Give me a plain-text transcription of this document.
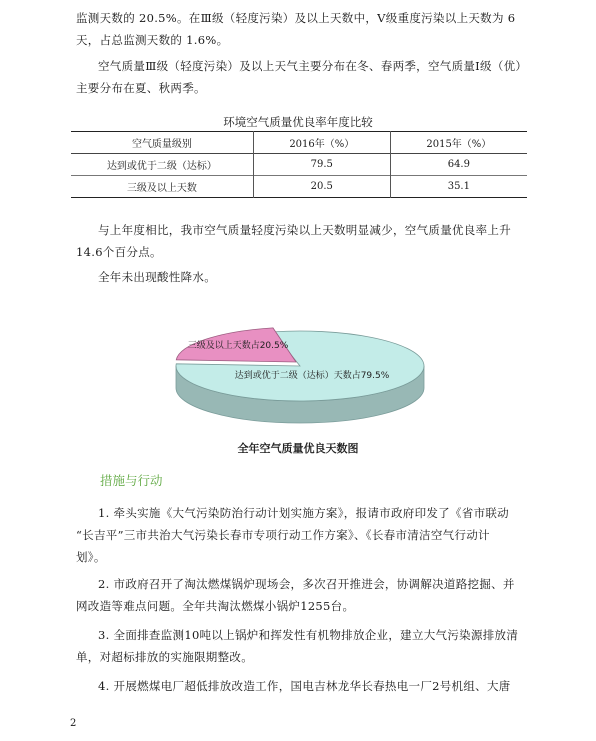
监测天数的 20.5%。在Ⅲ级（轻度污染）及以上天数中，Ⅴ级重度污染以上天数为 6
天，占总监测天数的 1.6%。
空气质量Ⅲ级（轻度污染）及以上天气主要分布在冬、春两季，空气质量Ⅰ级（优）
主要分布在夏、秋两季。
环境空气质量优良率年度比较
空气质量级别	2016年（%）	2015年（%）
达到或优于二级（达标）	79.5	64.9
三级及以上天数	20.5	35.1
与上年度相比，我市空气质量轻度污染以上天数明显减少，空气质量优良率上升
14.6个百分点。
全年未出现酸性降水。
达到或优于二级（达标）天数占79.5%
三级及以上天数占20.5%
全年空气质量优良天数图
措施与行动
1. 牵头实施《大气污染防治行动计划实施方案》，报请市政府印发了《省市联动
“长吉平”三市共治大气污染长春市专项行动工作方案》、《长春市清洁空气行动计
划》。
2. 市政府召开了淘汰燃煤锅炉现场会，多次召开推进会，协调解决道路挖掘、并
网改造等难点问题。全年共淘汰燃煤小锅炉1255台。
3. 全面排查监测10吨以上锅炉和挥发性有机物排放企业，建立大气污染源排放清
单，对超标排放的实施限期整改。
4. 开展燃煤电厂超低排放改造工作，国电吉林龙华长春热电一厂2号机组、大唐
2
